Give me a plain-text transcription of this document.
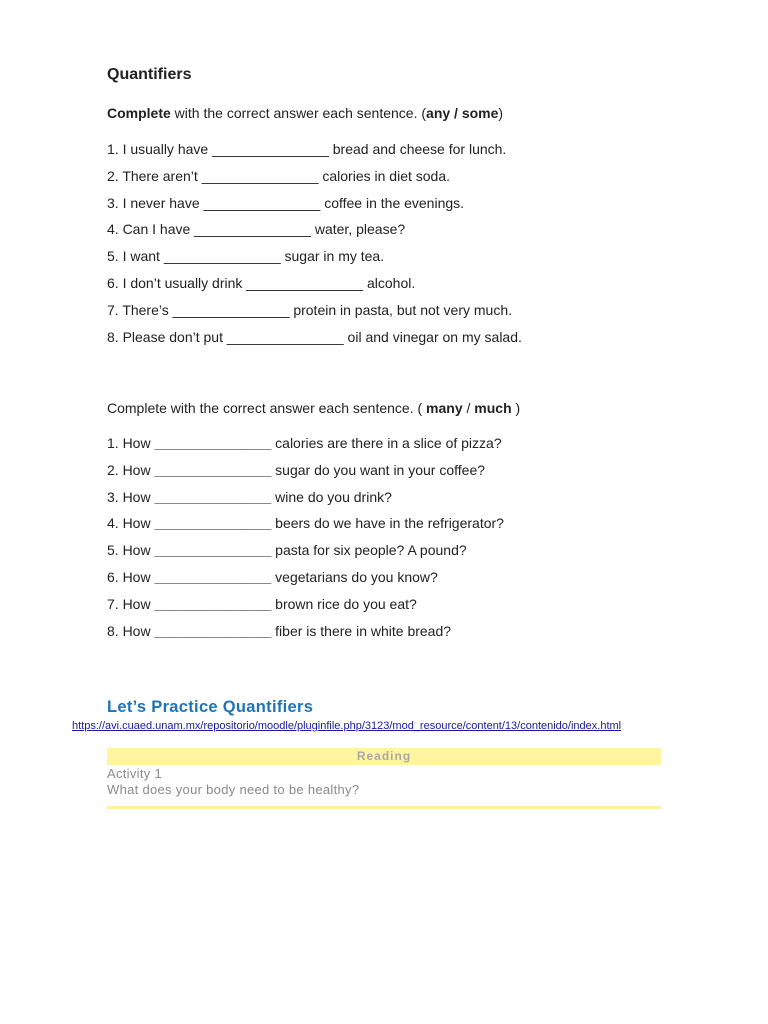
Quantifiers
Complete with the correct answer each sentence. (any / some)
1. I usually have _______________ bread and cheese for lunch.
2. There aren’t _______________ calories in diet soda.
3. I never have _______________ coffee in the evenings.
4. Can I have _______________ water, please?
5. I want _______________ sugar in my tea.
6. I don’t usually drink _______________ alcohol.
7. There’s _______________ protein in pasta, but not very much.
8. Please don’t put _______________ oil and vinegar on my salad.
Complete with the correct answer each sentence. ( many / much )
1. How _______________ calories are there in a slice of pizza?
2. How _______________ sugar do you want in your coffee?
3. How _______________ wine do you drink?
4. How _______________ beers do we have in the refrigerator?
5. How _______________ pasta for six people? A pound?
6. How _______________ vegetarians do you know?
7. How _______________ brown rice do you eat?
8. How _______________ fiber is there in white bread?
Let’s Practice Quantifiers
https://avi.cuaed.unam.mx/repositorio/moodle/pluginfile.php/3123/mod_resource/content/13/contenido/index.html
Reading
Activity 1
What does your body need to be healthy?
